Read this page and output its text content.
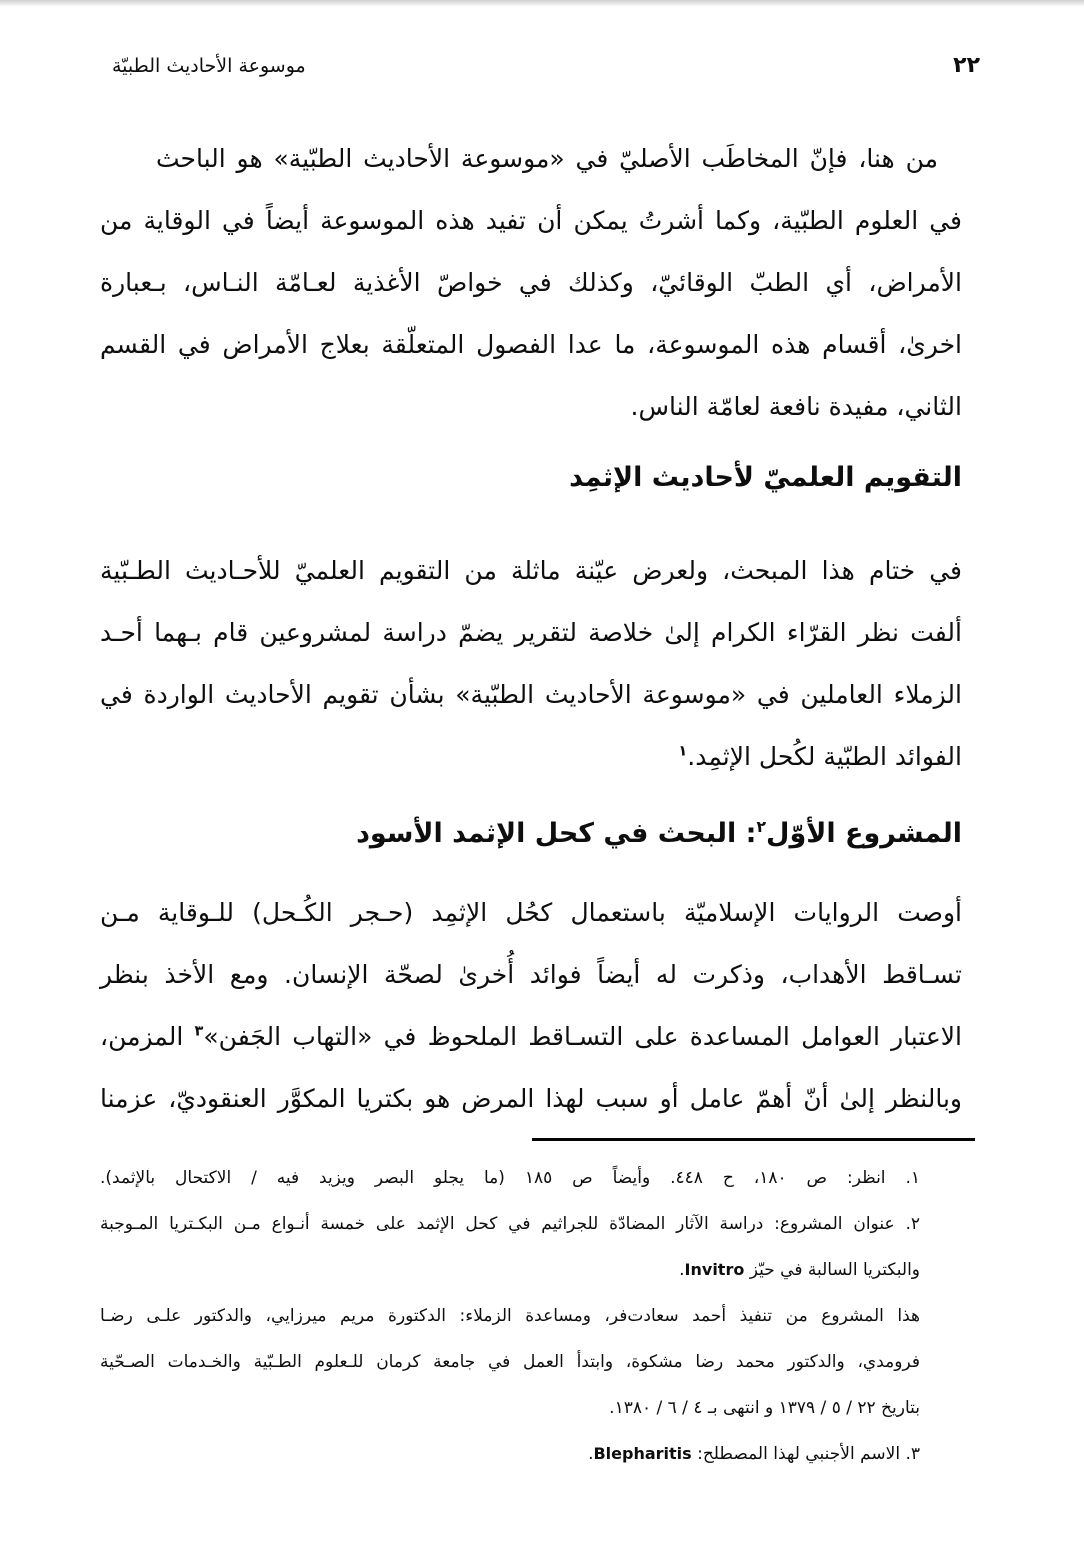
موسوعة الأحاديث الطبيّة	٢٢
من هنا، فإنّ المخاطَب الأصليّ في «موسوعة الأحاديث الطبّية» هو الباحث
في العلوم الطبّية، وكما أشرتُ يمكن أن تفيد هذه الموسوعة أيضاً في الوقاية من
الأمراض، أي الطبّ الوقائيّ، وكذلك في خواصّ الأغذية لعـامّة النـاس، بـعبارة
اخرىٰ، أقسام هذه الموسوعة، ما عدا الفصول المتعلّقة بعلاج الأمراض في القسم
الثاني، مفيدة نافعة لعامّة الناس.
التقويم العلميّ لأحاديث الإثمِد
في ختام هذا المبحث، ولعرض عيّنة ماثلة من التقويم العلميّ للأحـاديث الطـبّية
ألفت نظر القرّاء الكرام إلىٰ خلاصة لتقرير يضمّ دراسة لمشروعين قام بـهما أحـد
الزملاء العاملين في «موسوعة الأحاديث الطبّية» بشأن تقويم الأحاديث الواردة في
الفوائد الطبّية لكُحل الإثمِد.$^١$
المشروع الأوّل$^٢$: البحث في كحل الإثمد الأسود
أوصت الروايات الإسلاميّة باستعمال كحُل الإثمِد (حـجر الكُـحل) للـوقاية مـن
تسـاقط الأهداب، وذكرت له أيضاً فوائد أُخرىٰ لصحّة الإنسان. ومع الأخذ بنظر
الاعتبار العوامل المساعدة على التسـاقط الملحوظ في «التهاب الجَفن»$^٣$ المزمن،
وبالنظر إلىٰ أنّ أهمّ عامل أو سبب لهذا المرض هو بكتريا المكوَّر العنقوديّ، عزمنا
١. انظر: ص ١٨٠، ح ٤٤٨. وأيضاً ص ١٨٥ (ما يجلو البصر ويزيد فيه / الاكتحال بالإثمد).
٢. عنوان المشروع: دراسة الآثار المضادّة للجراثيم في كحل الإثمد على خمسة أنـواع مـن البكـتريا المـوجبة
والبكتريا السالبة في حيّز Invitro.
هذا المشروع من تنفيذ أحمد سعادت‌فر، ومساعدة الزملاء: الدكتورة مريم ميرزايي، والدكتور علـى رضـا
فرومدي، والدكتور محمد رضا مشكوة، وابتدأ العمل في جامعة كرمان للـعلوم الطـبّية والخـدمات الصـحّية
بتاريخ ٢٢ / ٥ / ١٣٧٩ و انتهى بـ ٤ / ٦ / ١٣٨٠.
٣. الاسم الأجنبي لهذا المصطلح: Blepharitis.
